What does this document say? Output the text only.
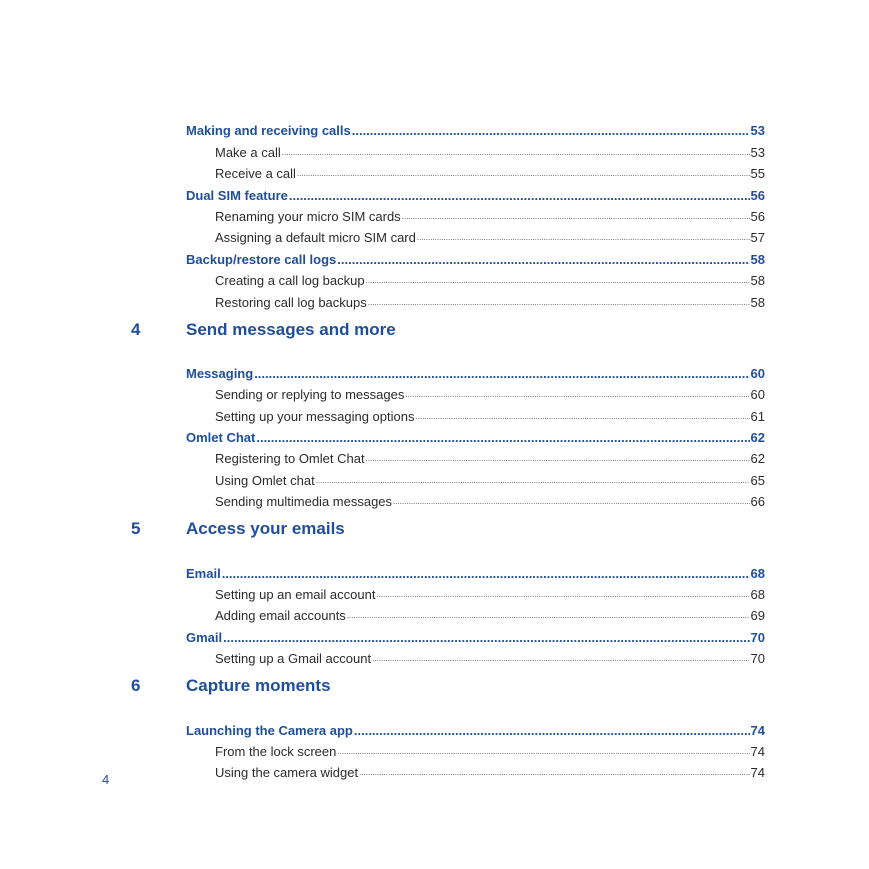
Making and receiving calls .....	53
Make a call .....	53
Receive a call .....	55
Dual SIM feature .....	56
Renaming your micro SIM cards .....	56
Assigning a default micro SIM card .....	57
Backup/restore call logs .....	58
Creating a call log backup .....	58
Restoring call log backups .....	58
4	Send messages and more
Messaging .....	60
Sending or replying to messages .....	60
Setting up your messaging options .....	61
Omlet Chat .....	62
Registering to Omlet Chat .....	62
Using Omlet chat .....	65
Sending multimedia messages .....	66
5	Access your emails
Email .....	68
Setting up an email account .....	68
Adding email accounts .....	69
Gmail .....	70
Setting up a Gmail account .....	70
6	Capture moments
Launching the Camera app .....	74
From the lock screen .....	74
Using the camera widget .....	74
4
